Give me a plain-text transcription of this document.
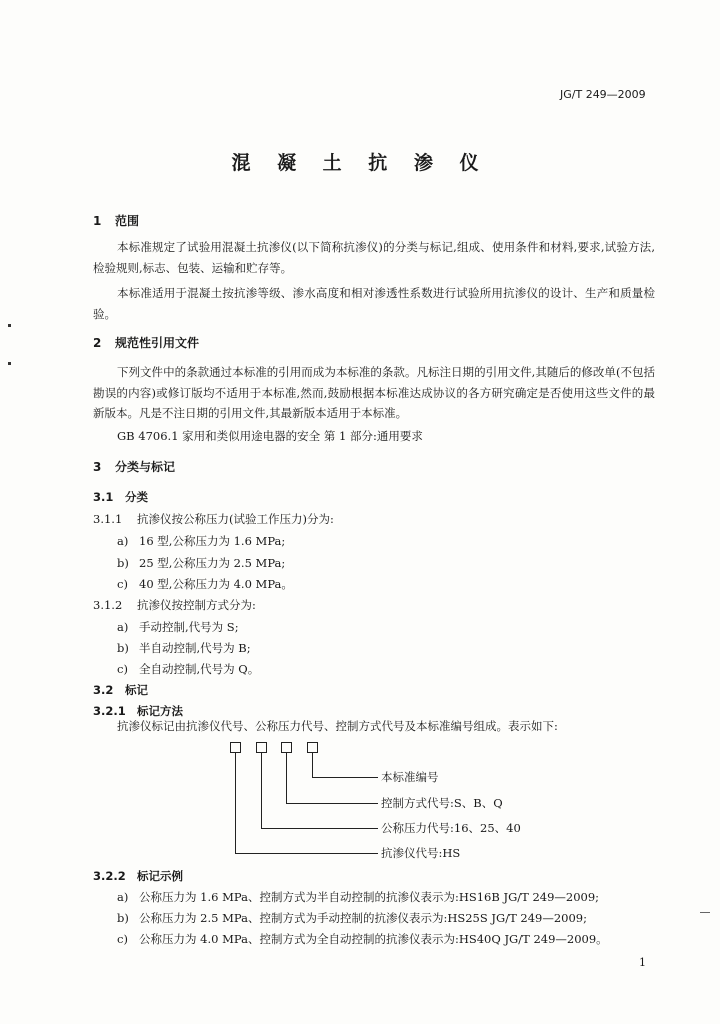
JG/T 249—2009
混 凝 土 抗 渗 仪
1 范围
本标准规定了试验用混凝土抗渗仪(以下简称抗渗仪)的分类与标记,组成、使用条件和材料,要求,试验方法,检验规则,标志、包装、运输和贮存等。
本标准适用于混凝土按抗渗等级、渗水高度和相对渗透性系数进行试验所用抗渗仪的设计、生产和质量检验。
2 规范性引用文件
下列文件中的条款通过本标准的引用而成为本标准的条款。凡标注日期的引用文件,其随后的修改单(不包括勘误的内容)或修订版均不适用于本标准,然而,鼓励根据本标准达成协议的各方研究确定是否使用这些文件的最新版本。凡是不注日期的引用文件,其最新版本适用于本标准。
GB 4706.1 家用和类似用途电器的安全 第 1 部分:通用要求
3 分类与标记
3.1 分类
3.1.1 抗渗仪按公称压力(试验工作压力)分为:
a) 16 型,公称压力为 1.6 MPa;
b) 25 型,公称压力为 2.5 MPa;
c) 40 型,公称压力为 4.0 MPa。
3.1.2 抗渗仪按控制方式分为:
a) 手动控制,代号为 S;
b) 半自动控制,代号为 B;
c) 全自动控制,代号为 Q。
3.2 标记
3.2.1 标记方法
抗渗仪标记由抗渗仪代号、公称压力代号、控制方式代号及本标准编号组成。表示如下:
本标准编号
控制方式代号:S、B、Q
公称压力代号:16、25、40
抗渗仪代号:HS
3.2.2 标记示例
a) 公称压力为 1.6 MPa、控制方式为半自动控制的抗渗仪表示为:HS16B JG/T 249—2009;
b) 公称压力为 2.5 MPa、控制方式为手动控制的抗渗仪表示为:HS25S JG/T 249—2009;
c) 公称压力为 4.0 MPa、控制方式为全自动控制的抗渗仪表示为:HS40Q JG/T 249—2009。
1
